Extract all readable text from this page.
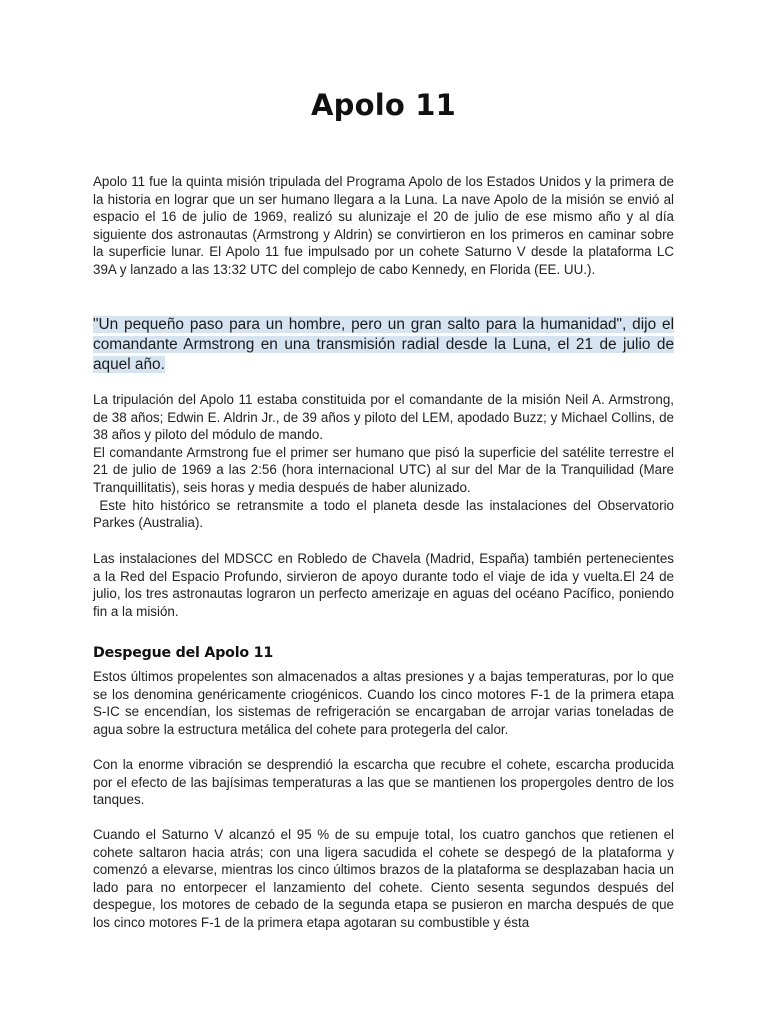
Apolo 11

Apolo 11 fue la quinta misión tripulada del Programa Apolo de los Estados Unidos y la primera de la historia en lograr que un ser humano llegara a la Luna. La nave Apolo de la misión se envió al espacio el 16 de julio de 1969, realizó su alunizaje el 20 de julio de ese mismo año y al día siguiente dos astronautas (Armstrong y Aldrin) se convirtieron en los primeros en caminar sobre la superficie lunar. El Apolo 11 fue impulsado por un cohete Saturno V desde la plataforma LC 39A y lanzado a las 13:32 UTC del complejo de cabo Kennedy, en Florida (EE. UU.).

"Un pequeño paso para un hombre, pero un gran salto para la humanidad", dijo el comandante Armstrong en una transmisión radial desde la Luna, el 21 de julio de aquel año.

La tripulación del Apolo 11 estaba constituida por el comandante de la misión Neil A. Armstrong, de 38 años; Edwin E. Aldrin Jr., de 39 años y piloto del LEM, apodado Buzz; y Michael Collins, de 38 años y piloto del módulo de mando.

El comandante Armstrong fue el primer ser humano que pisó la superficie del satélite terrestre el 21 de julio de 1969 a las 2:56 (hora internacional UTC) al sur del Mar de la Tranquilidad (Mare Tranquillitatis), seis horas y media después de haber alunizado.

Este hito histórico se retransmite a todo el planeta desde las instalaciones del Observatorio Parkes (Australia).

Las instalaciones del MDSCC en Robledo de Chavela (Madrid, España) también pertenecientes a la Red del Espacio Profundo, sirvieron de apoyo durante todo el viaje de ida y vuelta.El 24 de julio, los tres astronautas lograron un perfecto amerizaje en aguas del océano Pacífico, poniendo fin a la misión.

Despegue del Apolo 11

Estos últimos propelentes son almacenados a altas presiones y a bajas temperaturas, por lo que se los denomina genéricamente criogénicos. Cuando los cinco motores F-1 de la primera etapa S-IC se encendían, los sistemas de refrigeración se encargaban de arrojar varias toneladas de agua sobre la estructura metálica del cohete para protegerla del calor.

Con la enorme vibración se desprendió la escarcha que recubre el cohete, escarcha producida por el efecto de las bajísimas temperaturas a las que se mantienen los propergoles dentro de los tanques.

Cuando el Saturno V alcanzó el 95 % de su empuje total, los cuatro ganchos que retienen el cohete saltaron hacia atrás; con una ligera sacudida el cohete se despegó de la plataforma y comenzó a elevarse, mientras los cinco últimos brazos de la plataforma se desplazaban hacia un lado para no entorpecer el lanzamiento del cohete. Ciento sesenta segundos después del despegue, los motores de cebado de la segunda etapa se pusieron en marcha después de que los cinco motores F-1 de la primera etapa agotaran su combustible y ésta
